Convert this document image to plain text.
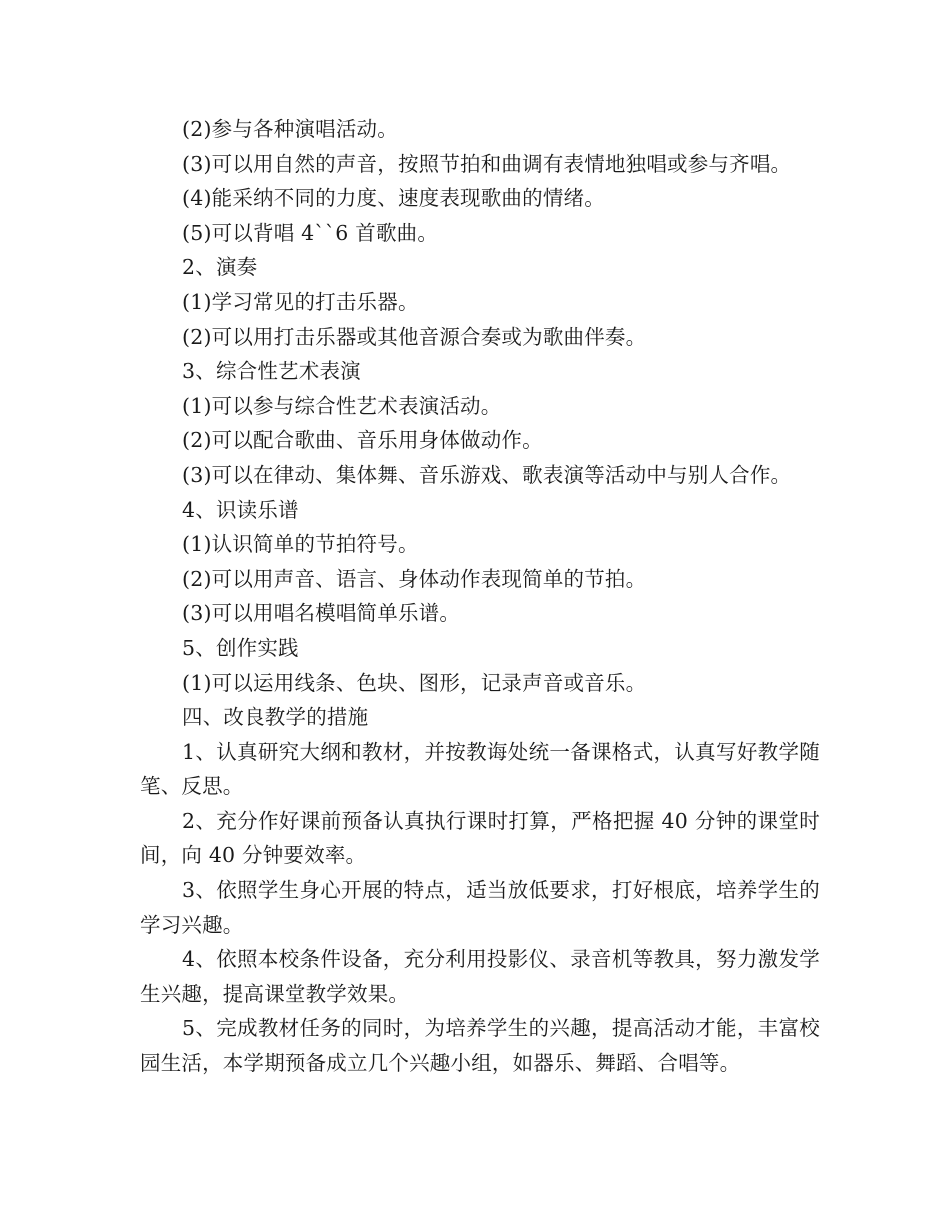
(2)参与各种演唱活动。
(3)可以用自然的声音，按照节拍和曲调有表情地独唱或参与齐唱。
(4)能采纳不同的力度、速度表现歌曲的情绪。
(5)可以背唱 4``6 首歌曲。
2、演奏
(1)学习常见的打击乐器。
(2)可以用打击乐器或其他音源合奏或为歌曲伴奏。
3、综合性艺术表演
(1)可以参与综合性艺术表演活动。
(2)可以配合歌曲、音乐用身体做动作。
(3)可以在律动、集体舞、音乐游戏、歌表演等活动中与别人合作。
4、识读乐谱
(1)认识简单的节拍符号。
(2)可以用声音、语言、身体动作表现简单的节拍。
(3)可以用唱名模唱简单乐谱。
5、创作实践
(1)可以运用线条、色块、图形，记录声音或音乐。
四、改良教学的措施

1、认真研究大纲和教材，并按教诲处统一备课格式，认真写好教学随笔、反思。

2、充分作好课前预备认真执行课时打算，严格把握 40 分钟的课堂时间，向 40 分钟要效率。

3、依照学生身心开展的特点，适当放低要求，打好根底，培养学生的学习兴趣。

4、依照本校条件设备，充分利用投影仪、录音机等教具，努力激发学生兴趣，提高课堂教学效果。

5、完成教材任务的同时，为培养学生的兴趣，提高活动才能，丰富校园生活，本学期预备成立几个兴趣小组，如器乐、舞蹈、合唱等。
